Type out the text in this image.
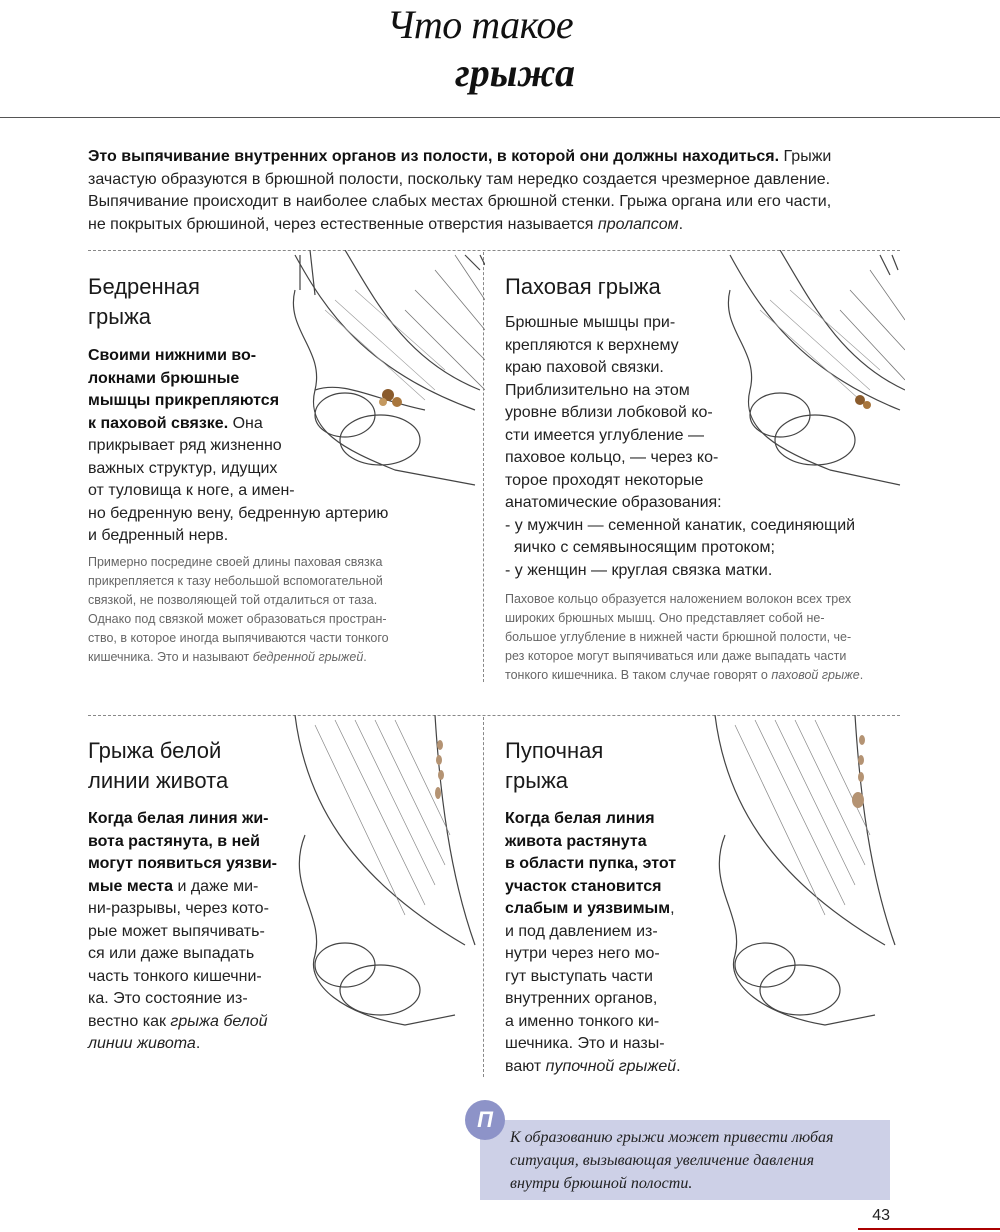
Что такое
грыжа
Это выпячивание внутренних органов из полости, в которой они должны находиться. Грыжи зачастую образуются в брюшной полости, поскольку там нередко создается чрезмерное давление. Выпячивание происходит в наиболее слабых местах брюшной стенки. Грыжа органа или его части, не покрытых брюшиной, через естественные отверстия называется пролапсом.
Бедренная
грыжа
Своими нижними во-
локнами брюшные
мышцы прикрепляются
к паховой связке. Она
прикрывает ряд жизненно
важных структур, идущих
от туловища к ноге, а имен-
но бедренную вену, бедренную артерию
и бедренный нерв.
Примерно посредине своей длины паховая связка
прикрепляется к тазу небольшой вспомогательной
связкой, не позволяющей той отдалиться от таза.
Однако под связкой может образоваться простран-
ство, в которое иногда выпячиваются части тонкого
кишечника. Это и называют бедренной грыжей.
Паховая грыжа
Брюшные мышцы при-
крепляются к верхнему
краю паховой связки.
Приблизительно на этом
уровне вблизи лобковой ко-
сти имеется углубление —
паховое кольцо, — через ко-
торое проходят некоторые
анатомические образования:
- у мужчин — семенной канатик, соединяющий
яичко с семявыносящим протоком;
- у женщин — круглая связка матки.
Паховое кольцо образуется наложением волокон всех трех
широких брюшных мышц. Оно представляет собой не-
большое углубление в нижней части брюшной полости, че-
рез которое могут выпячиваться или даже выпадать части
тонкого кишечника. В таком случае говорят о паховой грыже.
Грыжа белой
линии живота
Когда белая линия жи-
вота растянута, в ней
могут появиться уязви-
мые места и даже ми-
ни-разрывы, через кото-
рые может выпячивать-
ся или даже выпадать
часть тонкого кишечни-
ка. Это состояние из-
вестно как грыжа белой
линии живота.
Пупочная
грыжа
Когда белая линия
живота растянута
в области пупка, этот
участок становится
слабым и уязвимым,
и под давлением из-
нутри через него мо-
гут выступать части
внутренних органов,
а именно тонкого ки-
шечника. Это и назы-
вают пупочной грыжей.
К образованию грыжи может привести любая
ситуация, вызывающая увеличение давления
внутри брюшной полости.
П
43
